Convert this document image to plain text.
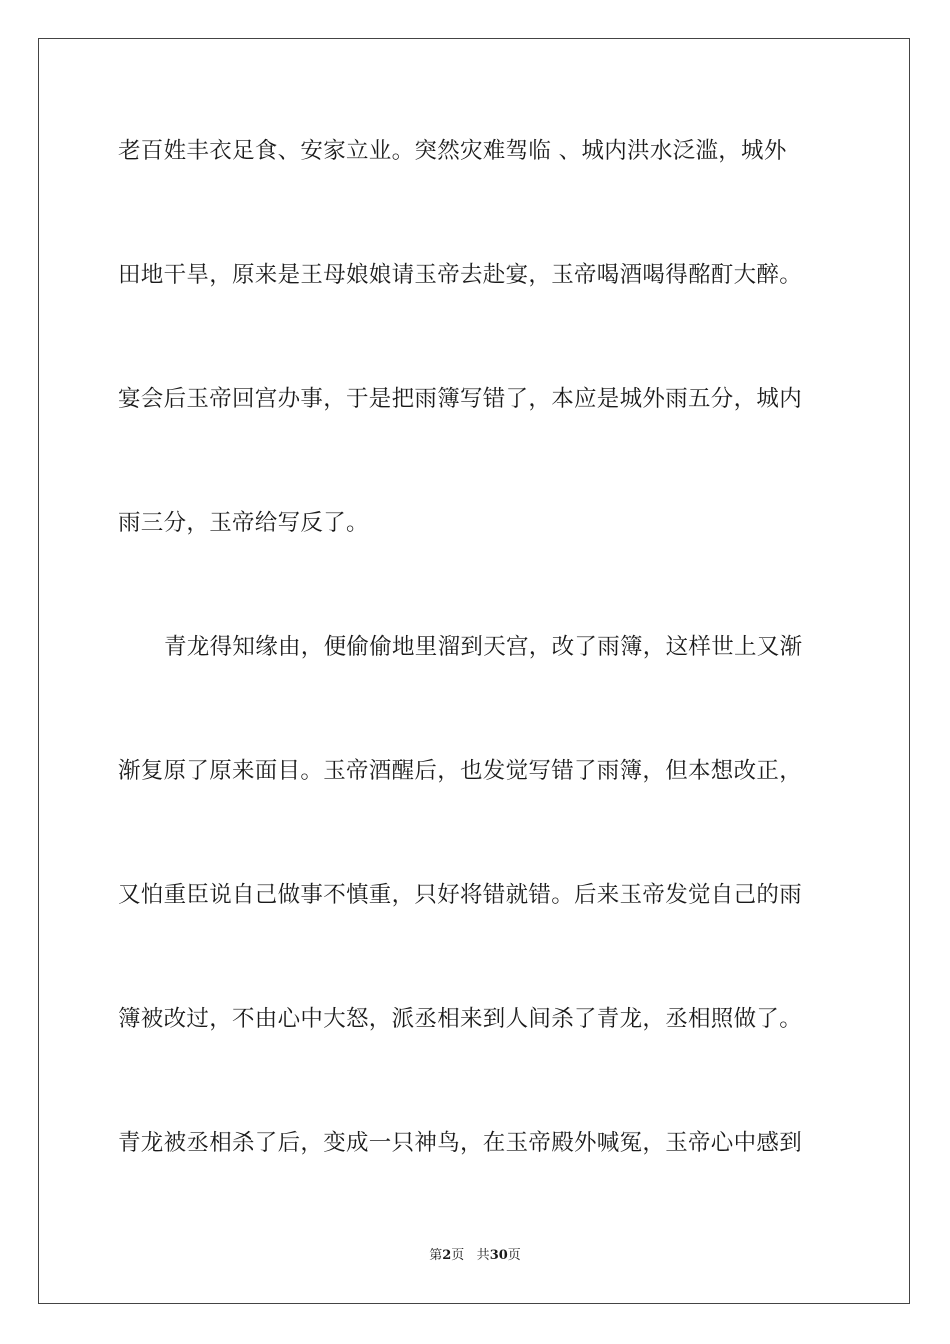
老百姓丰衣足食、安家立业。突然灾难驾临 、城内洪水泛滥，城外
田地干旱，原来是王母娘娘请玉帝去赴宴，玉帝喝酒喝得酩酊大醉。
宴会后玉帝回宫办事，于是把雨簿写错了，本应是城外雨五分，城内
雨三分，玉帝给写反了。
青龙得知缘由，便偷偷地里溜到天宫，改了雨簿，这样世上又渐
渐复原了原来面目。玉帝酒醒后，也发觉写错了雨簿，但本想改正，
又怕重臣说自己做事不慎重，只好将错就错。后来玉帝发觉自己的雨
簿被改过，不由心中大怒，派丞相来到人间杀了青龙，丞相照做了。
青龙被丞相杀了后，变成一只神鸟，在玉帝殿外喊冤，玉帝心中感到
第2页 共30页
